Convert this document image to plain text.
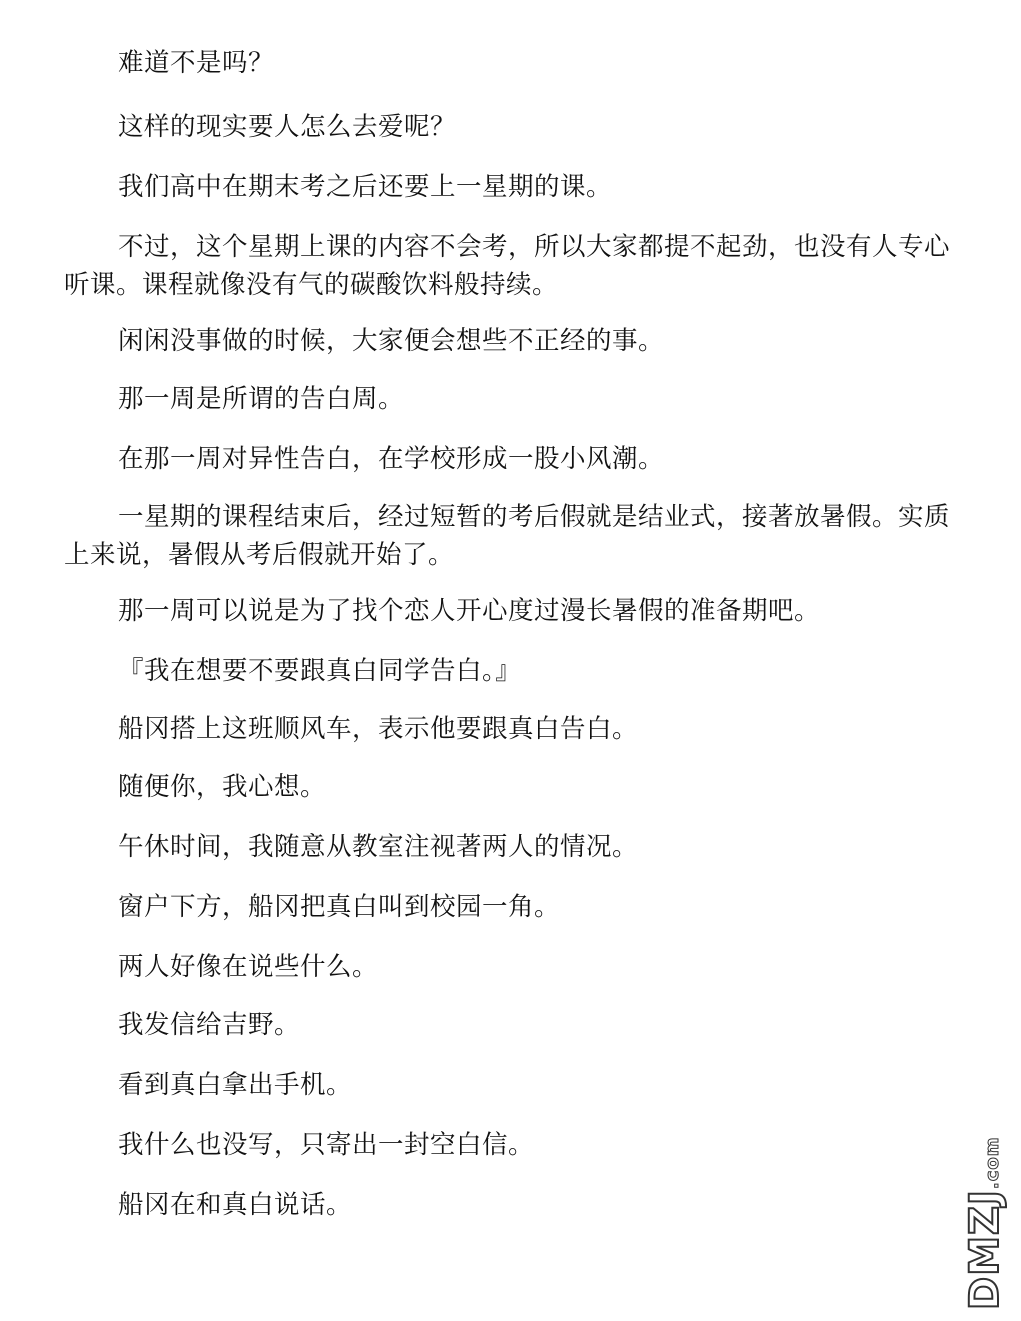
难道不是吗？

这样的现实要人怎么去爱呢？

我们高中在期末考之后还要上一星期的课。

不过，这个星期上课的内容不会考，所以大家都提不起劲，也没有人专心听课。课程就像没有气的碳酸饮料般持续。

闲闲没事做的时候，大家便会想些不正经的事。

那一周是所谓的告白周。

在那一周对异性告白，在学校形成一股小风潮。

一星期的课程结束后，经过短暂的考后假就是结业式，接著放暑假。实质上来说，暑假从考后假就开始了。

那一周可以说是为了找个恋人开心度过漫长暑假的准备期吧。

『我在想要不要跟真白同学告白。』

船冈搭上这班顺风车，表示他要跟真白告白。

随便你，我心想。

午休时间，我随意从教室注视著两人的情况。

窗户下方，船冈把真白叫到校园一角。

两人好像在说些什么。

我发信给吉野。

看到真白拿出手机。

我什么也没写，只寄出一封空白信。

船冈在和真白说话。	DMZJ.com
